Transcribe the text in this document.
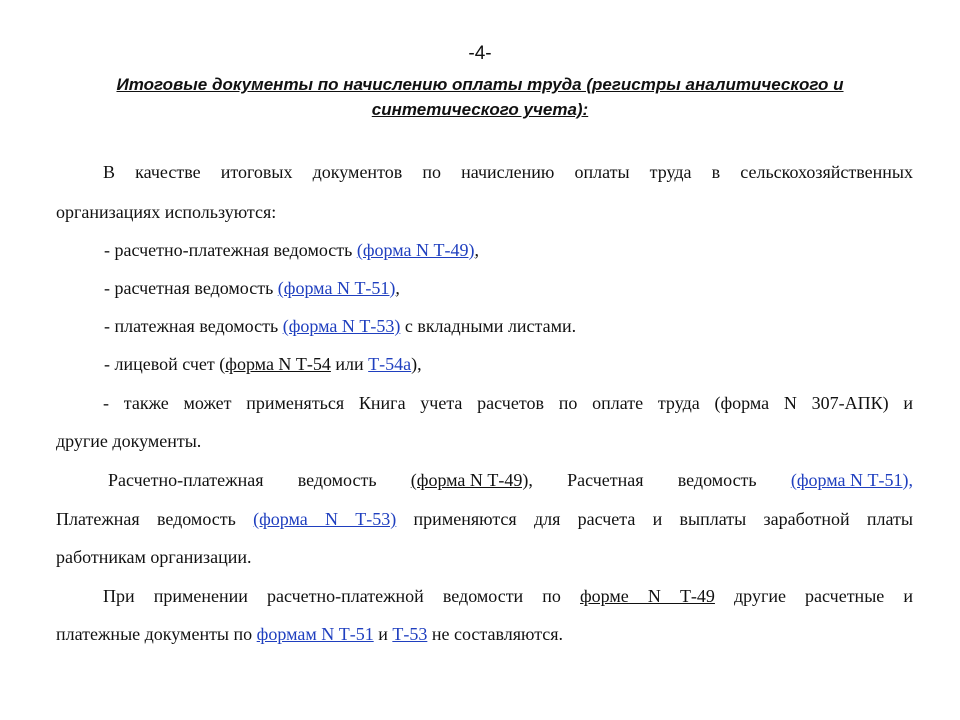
-4-
Итоговые документы по начислению оплаты труда (регистры аналитического и
синтетического учета):
В качестве итоговых документов по начислению оплаты труда в сельскохозяйственных
организациях используются:
- расчетно-платежная ведомость (форма N Т-49),
- расчетная ведомость (форма N Т-51),
- платежная ведомость (форма N Т-53) с вкладными листами.
- лицевой счет (форма N Т-54 или Т-54а),
- также может применяться Книга учета расчетов по оплате труда (форма N 307-АПК) и
другие документы.
Расчетно-платежная ведомость (форма N Т-49), Расчетная ведомость (форма N Т-51),
Платежная ведомость (форма N Т-53) применяются для расчета и выплаты заработной платы
работникам организации.
При применении расчетно-платежной ведомости по форме N Т-49 другие расчетные и
платежные документы по формам N Т-51 и Т-53 не составляются.
